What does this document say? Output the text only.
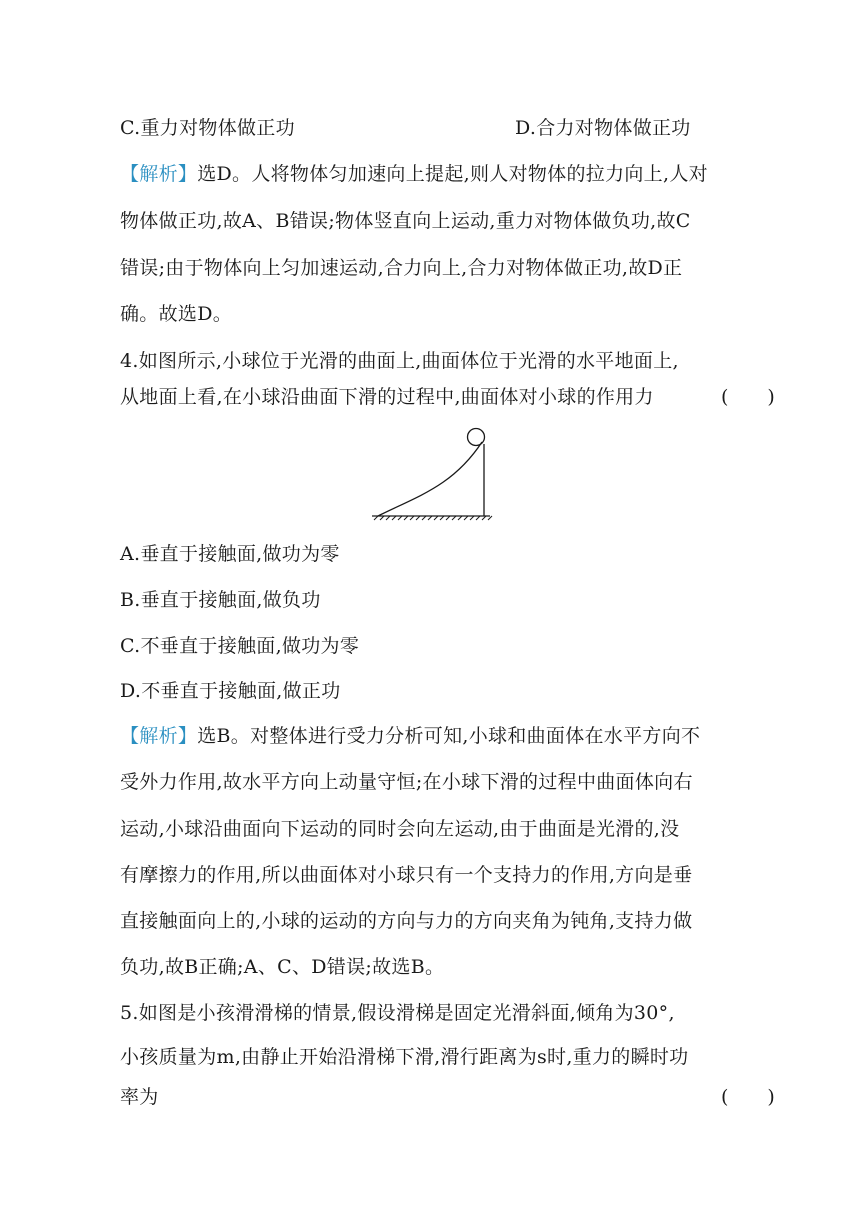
C.重力对物体做正功	D.合力对物体做正功
【解析】选D。人将物体匀加速向上提起,则人对物体的拉力向上,人对
物体做正功,故A、B错误;物体竖直向上运动,重力对物体做负功,故C
错误;由于物体向上匀加速运动,合力向上,合力对物体做正功,故D正
确。故选D。
4.如图所示,小球位于光滑的曲面上,曲面体位于光滑的水平地面上,
从地面上看,在小球沿曲面下滑的过程中,曲面体对小球的作用力	(　　)
A.垂直于接触面,做功为零
B.垂直于接触面,做负功
C.不垂直于接触面,做功为零
D.不垂直于接触面,做正功
【解析】选B。对整体进行受力分析可知,小球和曲面体在水平方向不
受外力作用,故水平方向上动量守恒;在小球下滑的过程中曲面体向右
运动,小球沿曲面向下运动的同时会向左运动,由于曲面是光滑的,没
有摩擦力的作用,所以曲面体对小球只有一个支持力的作用,方向是垂
直接触面向上的,小球的运动的方向与力的方向夹角为钝角,支持力做
负功,故B正确;A、C、D错误;故选B。
5.如图是小孩滑滑梯的情景,假设滑梯是固定光滑斜面,倾角为30°,
小孩质量为m,由静止开始沿滑梯下滑,滑行距离为s时,重力的瞬时功
率为	(　　)
